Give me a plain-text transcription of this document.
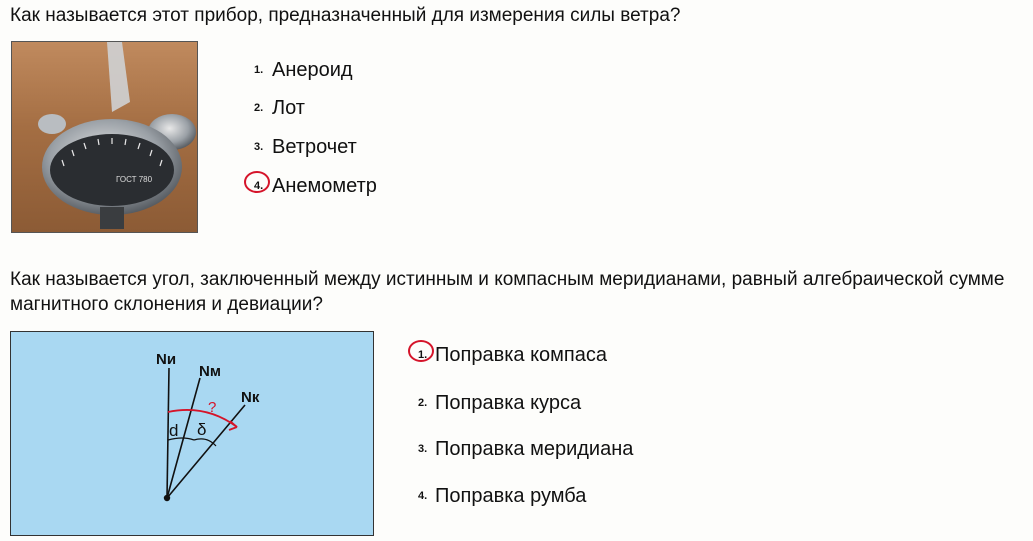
Как называется этот прибор, предназначенный для измерения силы ветра?
ГОСТ 780
1. Анероид
2. Лот
3. Ветрочет
4. Анемометр
Как называется угол, заключенный между истинным и компасным меридианами, равный алгебраической сумме магнитного склонения и девиации?
Nи
Nм
Nк
d δ
?
1. Поправка компаса
2. Поправка курса
3. Поправка меридиана
4. Поправка румба
